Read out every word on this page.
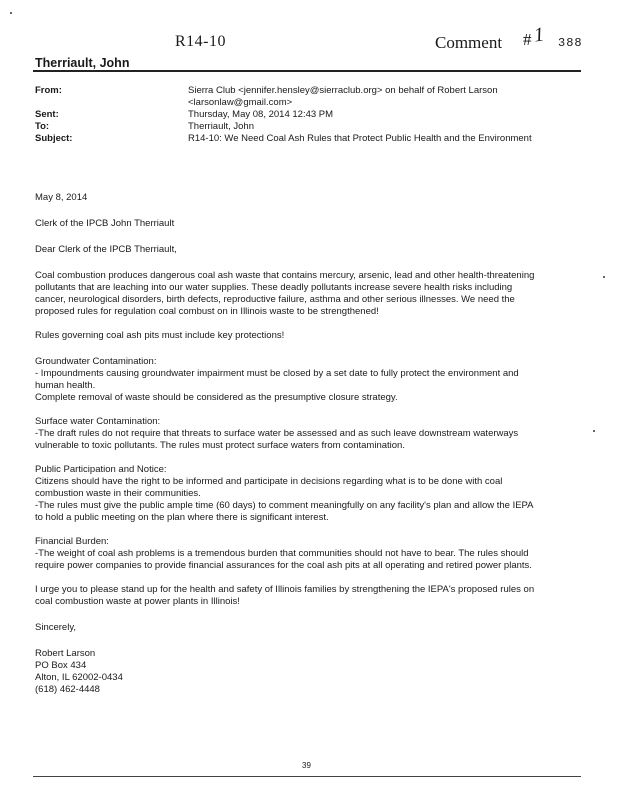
R14-10	Comment # 1 388
Therriault, John
From:	Sierra Club <jennifer.hensley@sierraclub.org> on behalf of Robert Larson
<larsonlaw@gmail.com>
Sent:	Thursday, May 08, 2014 12:43 PM
To:	Therriault, John
Subject:	R14-10: We Need Coal Ash Rules that Protect Public Health and the Environment
May 8, 2014
Clerk of the IPCB John Therriault
Dear Clerk of the IPCB Therriault,
Coal combustion produces dangerous coal ash waste that contains mercury, arsenic, lead and other health-threatening
pollutants that are leaching into our water supplies. These deadly pollutants increase severe health risks including
cancer, neurological disorders, birth defects, reproductive failure, asthma and other serious illnesses. We need the
proposed rules for regulation coal combust on in Illinois waste to be strengthened!
Rules governing coal ash pits must include key protections!
Groundwater Contamination:
- Impoundments causing groundwater impairment must be closed by a set date to fully protect the environment and
human health.
Complete removal of waste should be considered as the presumptive closure strategy.
Surface water Contamination:
-The draft rules do not require that threats to surface water be assessed and as such leave downstream waterways
vulnerable to toxic pollutants. The rules must protect surface waters from contamination.
Public Participation and Notice:
Citizens should have the right to be informed and participate in decisions regarding what is to be done with coal
combustion waste in their communities.
-The rules must give the public ample time (60 days) to comment meaningfully on any facility's plan and allow the IEPA
to hold a public meeting on the plan where there is significant interest.
Financial Burden:
-The weight of coal ash problems is a tremendous burden that communities should not have to bear. The rules should
require power companies to provide financial assurances for the coal ash pits at all operating and retired power plants.
I urge you to please stand up for the health and safety of Illinois families by strengthening the IEPA's proposed rules on
coal combustion waste at power plants in Illinois!
Sincerely,
Robert Larson
PO Box 434
Alton, IL 62002-0434
(618) 462-4448
39
